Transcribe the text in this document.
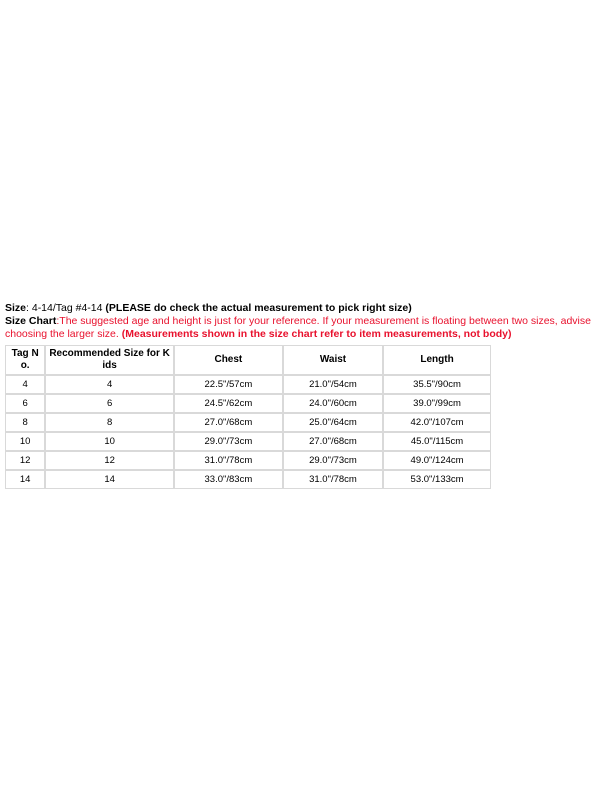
Size: 4-14/Tag #4-14 (PLEASE do check the actual measurement to pick right size)

Size Chart:The suggested age and height is just for your reference. If your measurement is floating between two sizes, advise choosing the larger size. (Measurements shown in the size chart refer to item measurements, not body)

Tag N o.	Recommended Size for K ids	Chest	Waist	Length
4	4	22.5"/57cm	21.0"/54cm	35.5"/90cm
6	6	24.5"/62cm	24.0"/60cm	39.0"/99cm
8	8	27.0"/68cm	25.0"/64cm	42.0"/107cm
10	10	29.0"/73cm	27.0"/68cm	45.0"/115cm
12	12	31.0"/78cm	29.0"/73cm	49.0"/124cm
14	14	33.0"/83cm	31.0"/78cm	53.0"/133cm
